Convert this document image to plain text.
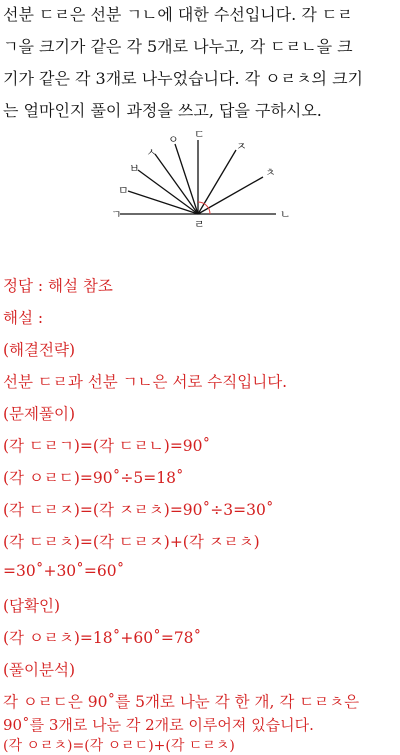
선분 ㄷㄹ은 선분 ㄱㄴ에 대한 수선입니다. 각 ㄷㄹ
ㄱ을 크기가 같은 각 5개로 나누고, 각 ㄷㄹㄴ을 크
기가 같은 각 3개로 나누었습니다. 각 ㅇㄹㅊ의 크기
는 얼마인지 풀이 과정을 쓰고, 답을 구하시오.
ㄱ
ㅁ
ㅂ
ㅅ
ㅇ ㄷ
ㅈ
ㅊ
ㄴ
ㄹ
정답 : 해설 참조
해설 :
(해결전략)
선분 ㄷㄹ과 선분 ㄱㄴ은 서로 수직입니다.
(문제풀이)
(각 ㄷㄹㄱ)=(각 ㄷㄹㄴ)=90˚
(각 ㅇㄹㄷ)=90˚÷5=18˚
(각 ㄷㄹㅈ)=(각 ㅈㄹㅊ)=90˚÷3=30˚
(각 ㄷㄹㅊ)=(각 ㄷㄹㅈ)+(각 ㅈㄹㅊ)
=30˚+30˚=60˚
(답확인)
(각 ㅇㄹㅊ)=18˚+60˚=78˚
(풀이분석)
각 ㅇㄹㄷ은 90˚를 5개로 나눈 각 한 개, 각 ㄷㄹㅊ은
90˚를 3개로 나눈 각 2개로 이루어져 있습니다.
(각 ㅇㄹㅊ)=(각 ㅇㄹㄷ)+(각 ㄷㄹㅊ)
